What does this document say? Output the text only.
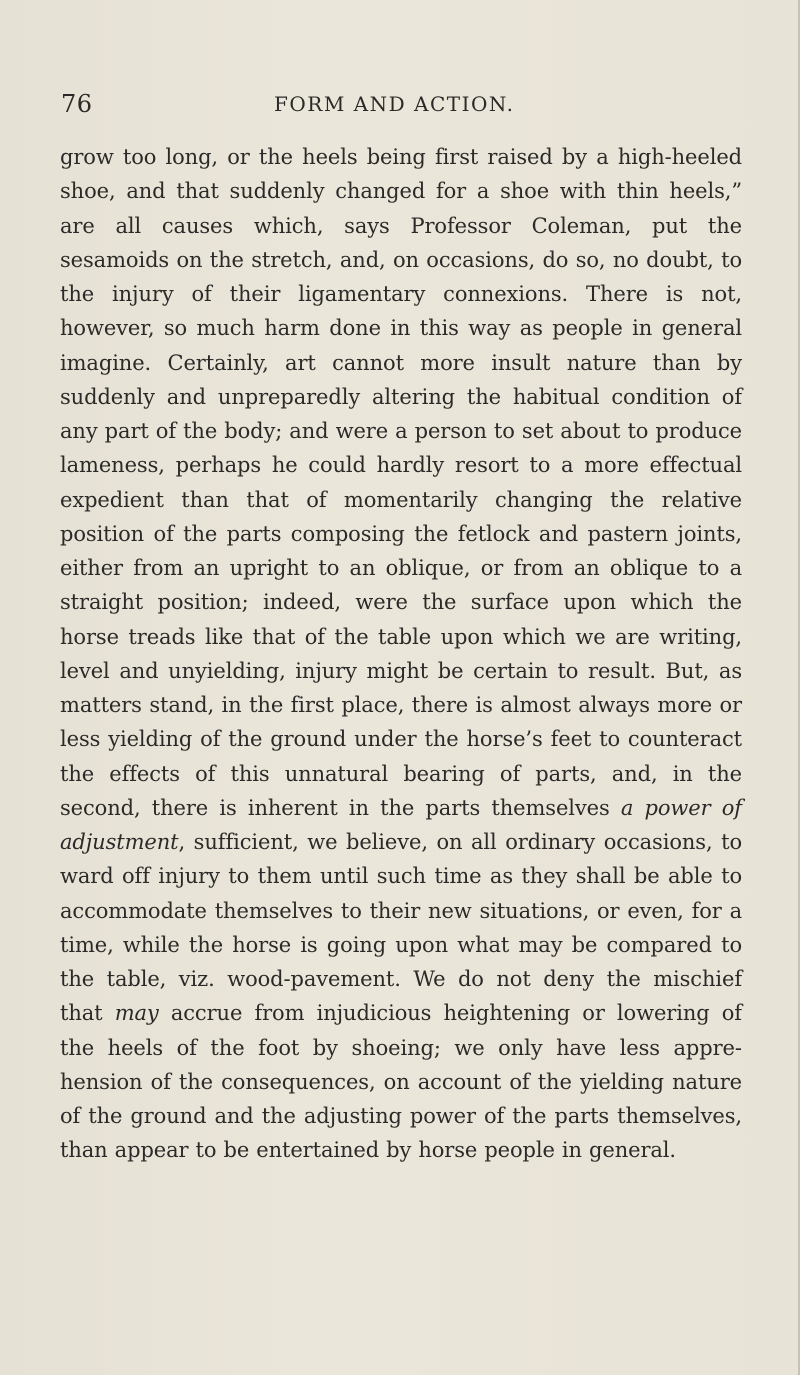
76	FORM AND ACTION.

grow too long, or the heels being first raised by a high-heeled shoe, and that suddenly changed for a shoe with thin heels,” are all causes which, says Professor Coleman, put the sesamoids on the stretch, and, on occasions, do so, no doubt, to the injury of their ligamentary connexions. There is not, however, so much harm done in this way as people in general imagine. Certainly, art cannot more insult nature than by suddenly and unpreparedly altering the habitual condition of any part of the body; and were a person to set about to produce lameness, perhaps he could hardly resort to a more effectual expedient than that of momentarily changing the relative position of the parts composing the fetlock and pastern joints, either from an upright to an oblique, or from an oblique to a straight position; indeed, were the surface upon which the horse treads like that of the table upon which we are writing, level and unyielding, injury might be certain to result. But, as matters stand, in the first place, there is almost always more or less yielding of the ground under the horse’s feet to counteract the effects of this unnatural bearing of parts, and, in the second, there is inherent in the parts themselves a power of adjustment, sufficient, we believe, on all ordinary occasions, to ward off injury to them until such time as they shall be able to accommodate themselves to their new situations, or even, for a time, while the horse is going upon what may be compared to the table, viz. wood-pavement. We do not deny the mischief that may accrue from injudicious heightening or lowering of the heels of the foot by shoeing; we only have less apprehension of the consequences, on account of the yielding nature of the ground and the adjusting power of the parts themselves, than appear to be entertained by horse people in general.
